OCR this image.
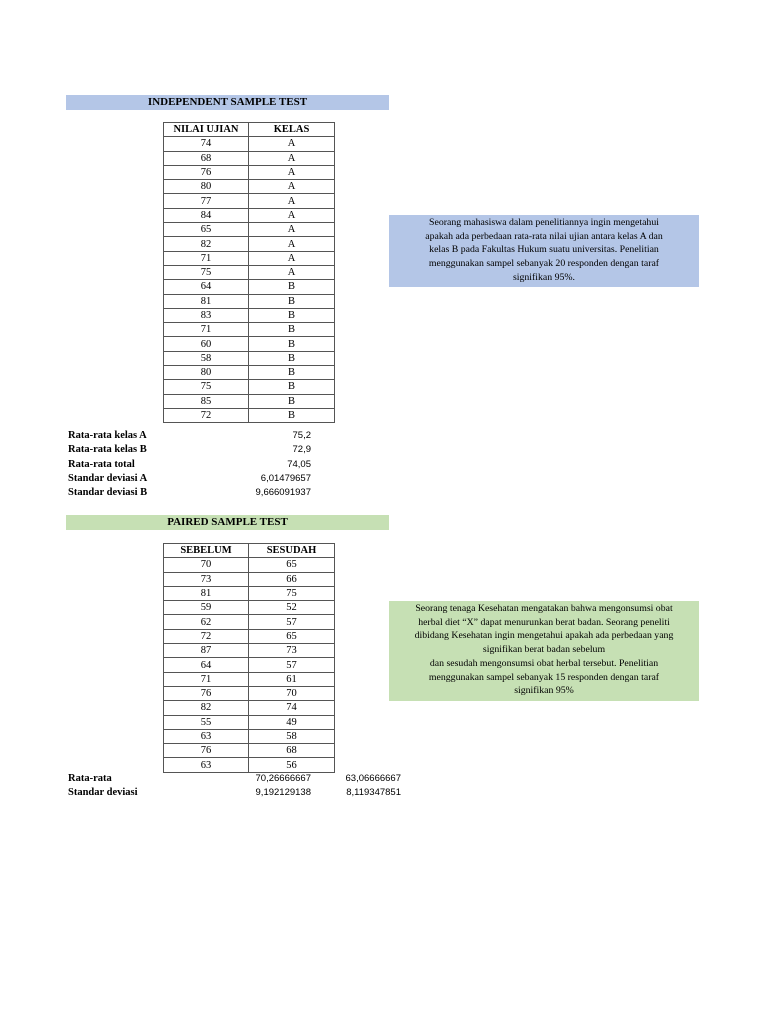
INDEPENDENT SAMPLE TEST
NILAI UJIAN	KELAS
74	A
68	A
76	A
80	A
77	A
84	A
65	A
82	A
71	A
75	A
64	B
81	B
83	B
71	B
60	B
58	B
80	B
75	B
85	B
72	B
Rata-rata kelas A	75,2
Rata-rata kelas B	72,9
Rata-rata total	74,05
Standar deviasi A	6,01479657
Standar deviasi B	9,666091937
Seorang mahasiswa dalam penelitiannya ingin mengetahui
apakah ada perbedaan rata-rata nilai ujian antara kelas A dan
kelas B pada Fakultas Hukum suatu universitas. Penelitian
menggunakan sampel sebanyak 20 responden dengan taraf
signifikan 95%.
PAIRED SAMPLE TEST
SEBELUM	SESUDAH
70	65
73	66
81	75
59	52
62	57
72	65
87	73
64	57
71	61
76	70
82	74
55	49
63	58
76	68
63	56
Rata-rata	70,26666667	63,06666667
Standar deviasi	9,192129138	8,119347851
Seorang tenaga Kesehatan mengatakan bahwa mengonsumsi obat
herbal diet “X” dapat menurunkan berat badan. Seorang peneliti
dibidang Kesehatan ingin mengetahui apakah ada perbedaan yang
signifikan berat badan sebelum
dan sesudah mengonsumsi obat herbal tersebut. Penelitian
menggunakan sampel sebanyak 15 responden dengan taraf
signifikan 95%
